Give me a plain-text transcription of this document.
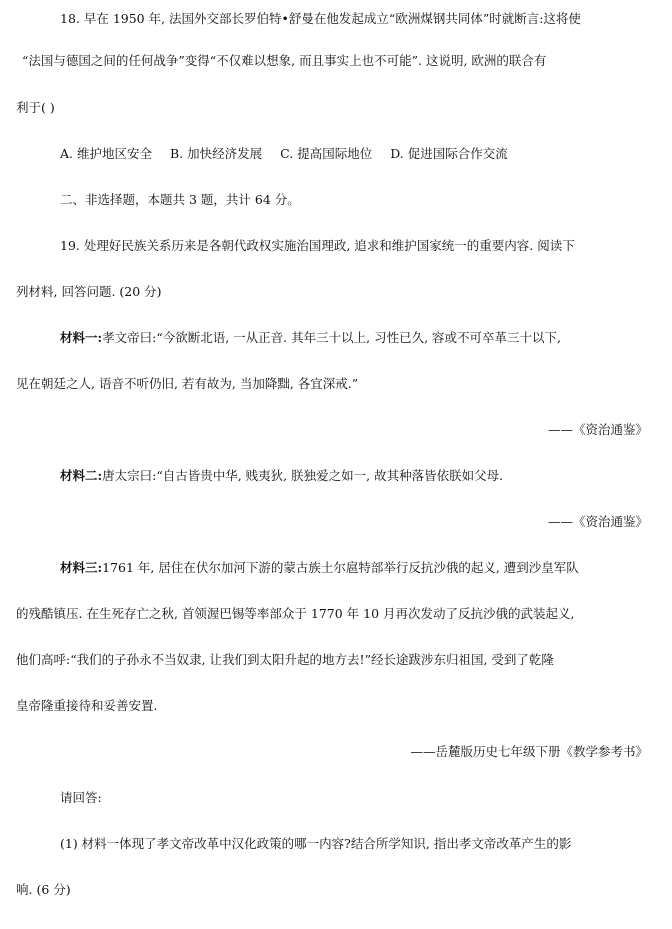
18. 早在 1950 年, 法国外交部长罗伯特•舒曼在他发起成立“欧洲煤钢共同体”时就断言:这将使
“法国与德国之间的任何战争”变得“不仅难以想象, 而且事实上也不可能”. 这说明, 欧洲的联合有
利于( )
A. 维护地区安全 B. 加快经济发展 C. 提高国际地位 D. 促进国际合作交流
二、非选择题，本题共 3 题，共计 64 分。
19. 处理好民族关系历来是各朝代政权实施治国理政, 追求和维护国家统一的重要内容. 阅读下
列材料, 回答问题. (20 分)
材料一:孝文帝曰:“今欲断北语, 一从正音. 其年三十以上, 习性已久, 容或不可卒革三十以下,
见在朝廷之人, 语音不听仍旧, 若有故为, 当加降黜, 各宜深戒.”
——《资治通鉴》
材料二:唐太宗曰:“自古皆贵中华, 贱夷狄, 朕独爱之如一, 故其种落皆依朕如父母.
——《资治通鉴》
材料三:1761 年, 居住在伏尔加河下游的蒙古族土尔扈特部举行反抗沙俄的起义, 遭到沙皇军队
的残酷镇压. 在生死存亡之秋, 首领渥巴锡等率部众于 1770 年 10 月再次发动了反抗沙俄的武装起义,
他们高呼:“我们的子孙永不当奴隶, 让我们到太阳升起的地方去!”经长途跋涉东归祖国, 受到了乾隆
皇帝隆重接待和妥善安置.
——岳麓版历史七年级下册《教学参考书》
请回答:
(1) 材料一体现了孝文帝改革中汉化政策的哪一内容?结合所学知识, 指出孝文帝改革产生的影
响. (6 分)
